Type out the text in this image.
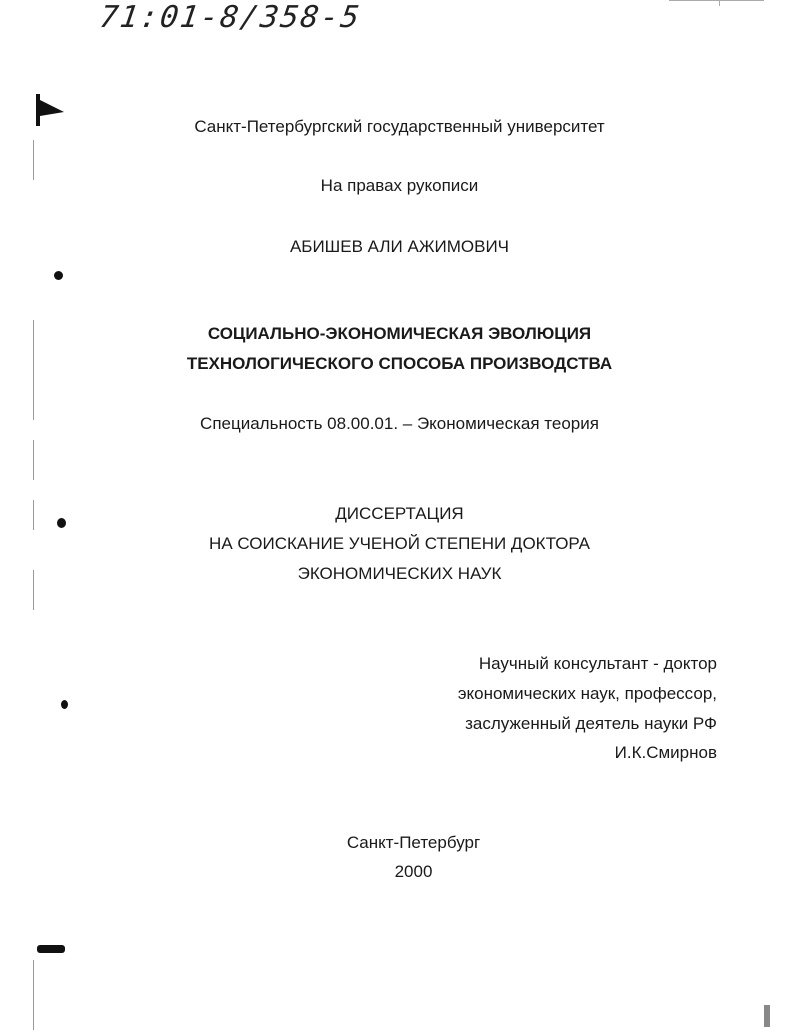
71:01-8/358-5
Санкт-Петербургский государственный университет
На правах рукописи
АБИШЕВ АЛИ АЖИМОВИЧ
СОЦИАЛЬНО-ЭКОНОМИЧЕСКАЯ ЭВОЛЮЦИЯ
ТЕХНОЛОГИЧЕСКОГО СПОСОБА ПРОИЗВОДСТВА
Специальность 08.00.01. – Экономическая теория
ДИССЕРТАЦИЯ
НА СОИСКАНИЕ УЧЕНОЙ СТЕПЕНИ ДОКТОРА
ЭКОНОМИЧЕСКИХ НАУК
Научный консультант - доктор
экономических наук, профессор,
заслуженный деятель науки РФ
И.К.Смирнов
Санкт-Петербург
2000
